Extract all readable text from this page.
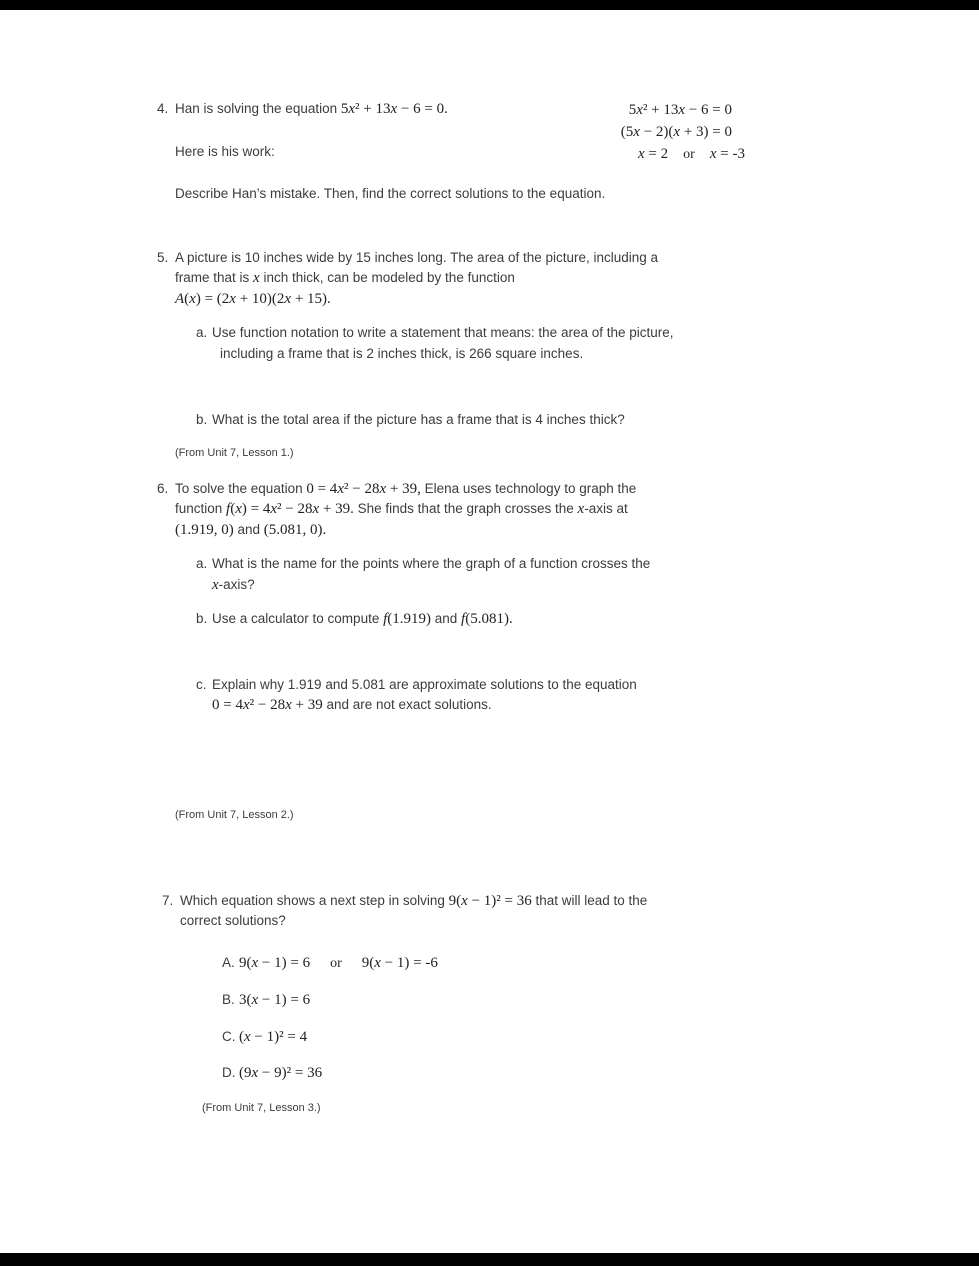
4. Han is solving the equation 5x² + 13x − 6 = 0.
Here is his work:
5x² + 13x − 6 = 0
(5x − 2)(x + 3) = 0
x = 2 or x = -3
Describe Han’s mistake. Then, find the correct solutions to the equation.
5. A picture is 10 inches wide by 15 inches long. The area of the picture, including a
frame that is x inch thick, can be modeled by the function
A(x) = (2x + 10)(2x + 15).
a. Use function notation to write a statement that means: the area of the picture,
including a frame that is 2 inches thick, is 266 square inches.
b. What is the total area if the picture has a frame that is 4 inches thick?
(From Unit 7, Lesson 1.)
6. To solve the equation 0 = 4x² − 28x + 39, Elena uses technology to graph the
function f(x) = 4x² − 28x + 39. She finds that the graph crosses the x-axis at
(1.919, 0) and (5.081, 0).
a. What is the name for the points where the graph of a function crosses the
x-axis?
b. Use a calculator to compute f(1.919) and f(5.081).
c. Explain why 1.919 and 5.081 are approximate solutions to the equation
0 = 4x² − 28x + 39 and are not exact solutions.
(From Unit 7, Lesson 2.)
7. Which equation shows a next step in solving 9(x − 1)² = 36 that will lead to the
correct solutions?
A. 9(x − 1) = 6 or 9(x − 1) = -6
B. 3(x − 1) = 6
C. (x − 1)² = 4
D. (9x − 9)² = 36
(From Unit 7, Lesson 3.)
